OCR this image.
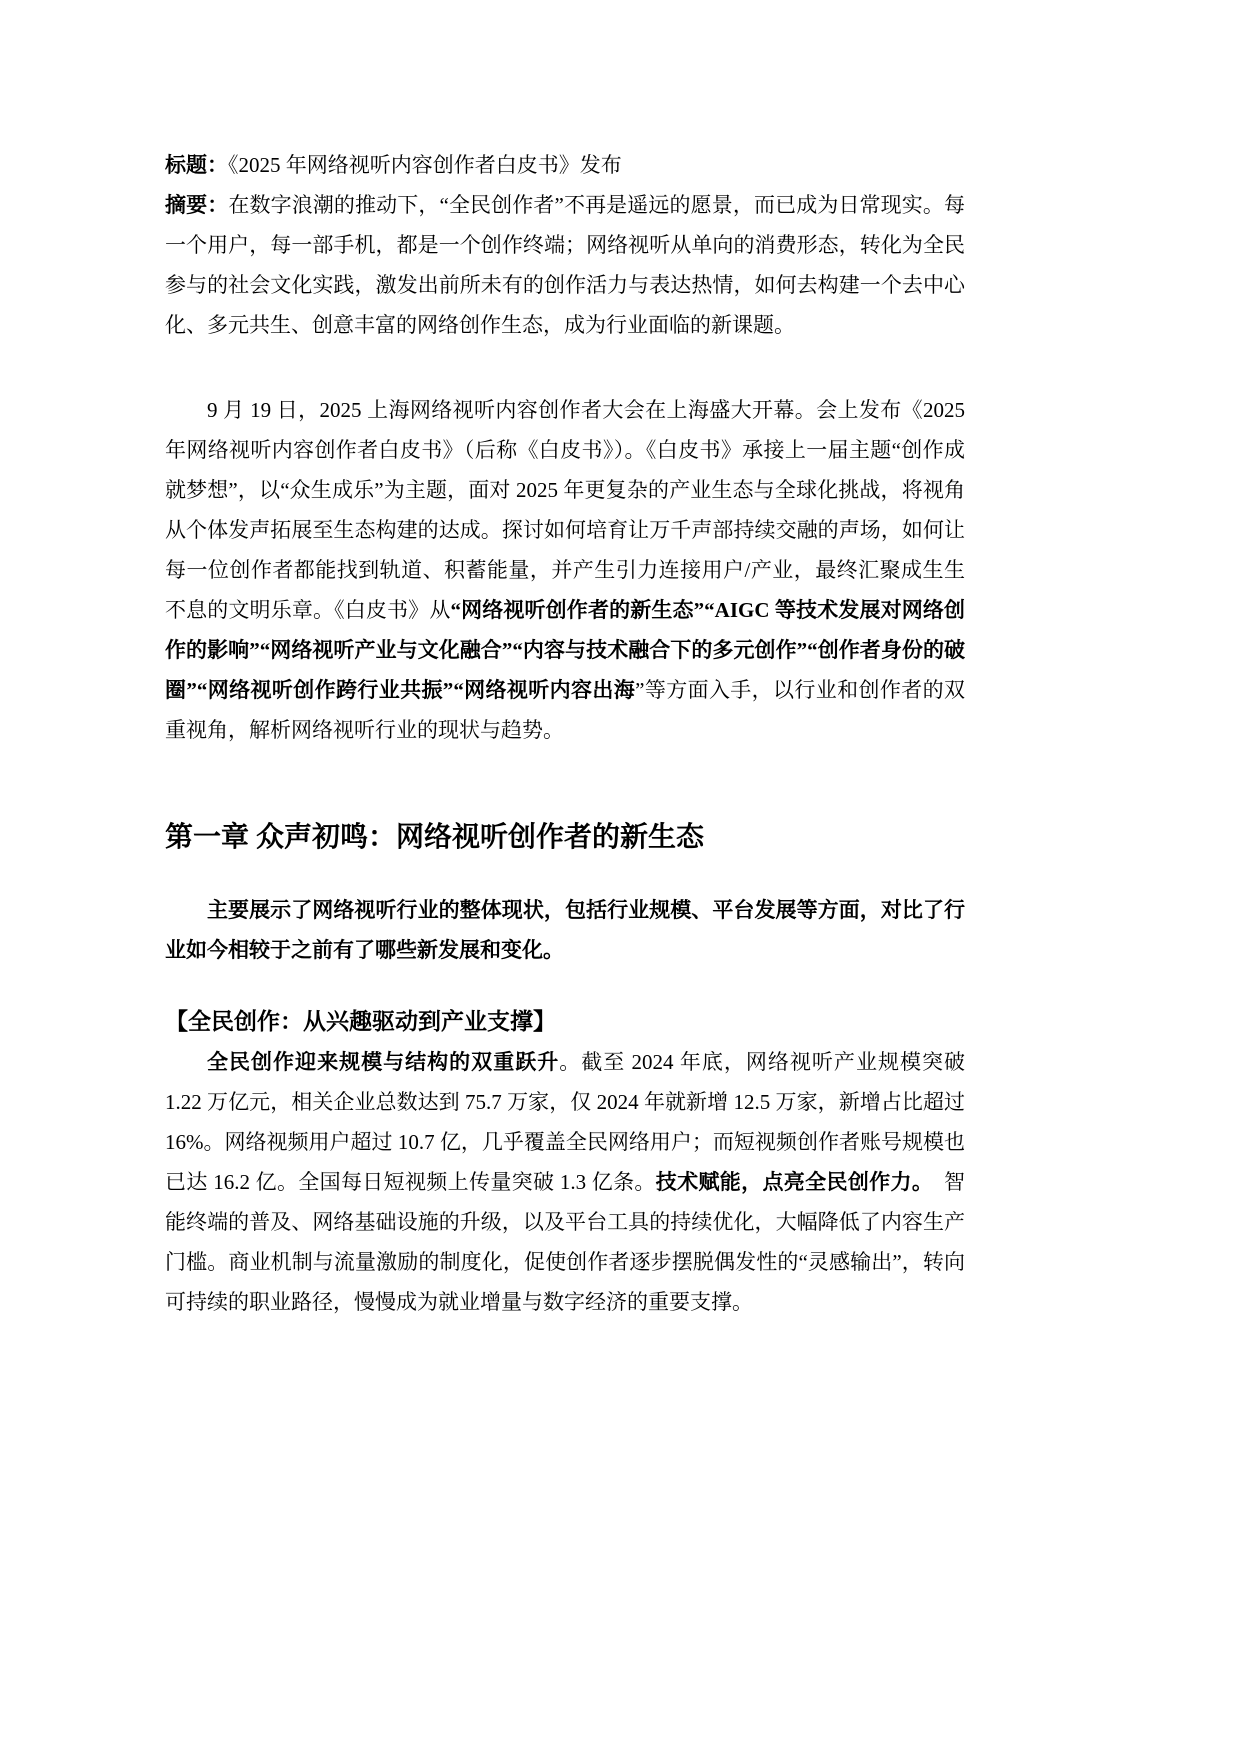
标题：《2025 年网络视听内容创作者白皮书》发布

摘要：在数字浪潮的推动下，“全民创作者”不再是遥远的愿景，而已成为日常现实。每一个用户，每一部手机，都是一个创作终端；网络视听从单向的消费形态，转化为全民参与的社会文化实践，激发出前所未有的创作活力与表达热情，如何去构建一个去中心化、多元共生、创意丰富的网络创作生态，成为行业面临的新课题。

9 月 19 日，2025 上海网络视听内容创作者大会在上海盛大开幕。会上发布《2025 年网络视听内容创作者白皮书》（后称《白皮书》）。《白皮书》承接上一届主题“创作成就梦想”，以“众生成乐”为主题，面对 2025 年更复杂的产业生态与全球化挑战，将视角从个体发声拓展至生态构建的达成。探讨如何培育让万千声部持续交融的声场，如何让每一位创作者都能找到轨道、积蓄能量，并产生引力连接用户/产业，最终汇聚成生生不息的文明乐章。《白皮书》从“网络视听创作者的新生态”“AIGC 等技术发展对网络创作的影响”“网络视听产业与文化融合”“内容与技术融合下的多元创作”“创作者身份的破圈”“网络视听创作跨行业共振”“网络视听内容出海”等方面入手，以行业和创作者的双重视角，解析网络视听行业的现状与趋势。

第一章 众声初鸣：网络视听创作者的新生态

主要展示了网络视听行业的整体现状，包括行业规模、平台发展等方面，对比了行业如今相较于之前有了哪些新发展和变化。

【全民创作：从兴趣驱动到产业支撑】

全民创作迎来规模与结构的双重跃升。截至 2024 年底，网络视听产业规模突破 1.22 万亿元，相关企业总数达到 75.7 万家，仅 2024 年就新增 12.5 万家，新增占比超过 16%。网络视频用户超过 10.7 亿，几乎覆盖全民网络用户；而短视频创作者账号规模也已达 16.2 亿。全国每日短视频上传量突破 1.3 亿条。技术赋能，点亮全民创作力。　智能终端的普及、网络基础设施的升级，以及平台工具的持续优化，大幅降低了内容生产门槛。商业机制与流量激励的制度化，促使创作者逐步摆脱偶发性的“灵感输出”，转向可持续的职业路径，慢慢成为就业增量与数字经济的重要支撑。
